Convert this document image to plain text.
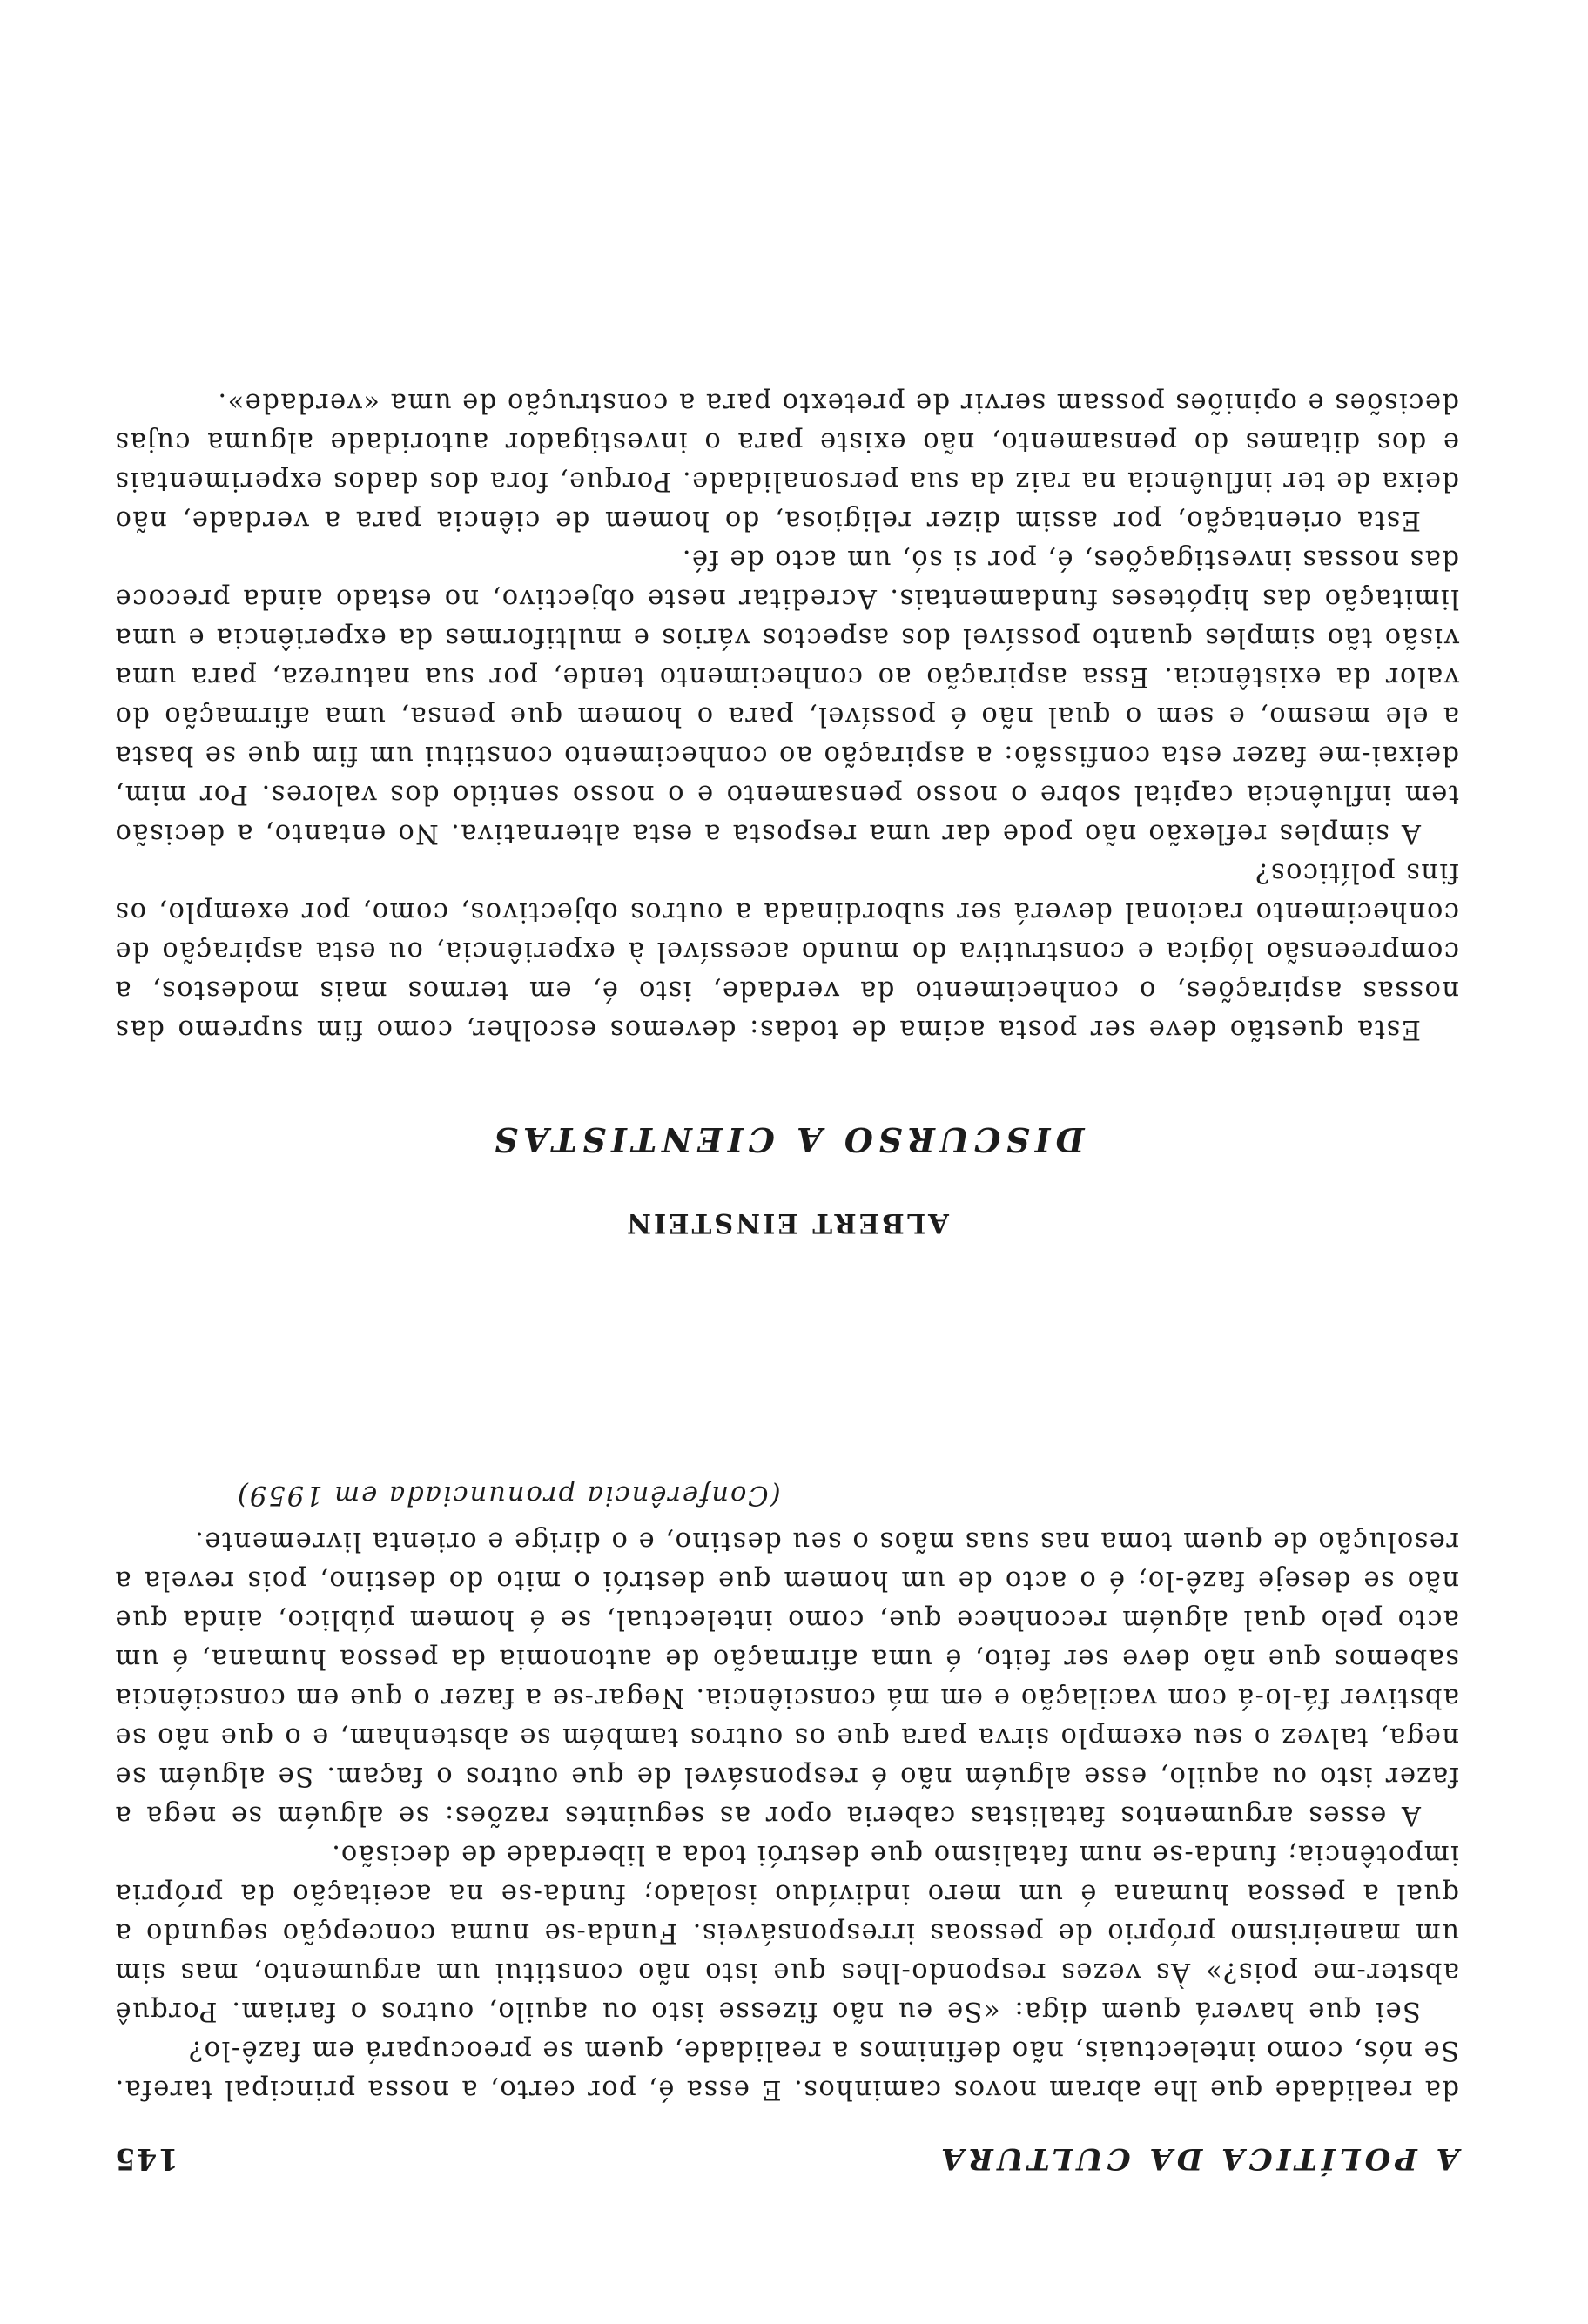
A POLÍTICA DA CULTURA
145

da realidade que lhe abram novos caminhos. E essa é, por certo, a nossa principal tarefa. Se nós, como intelectuais, não definimos a realidade, quem se preocupará em fazê-lo?

Sei que haverá quem diga: «Se eu não fizesse isto ou aquilo, outros o fariam. Porquê abster-me pois?» Às vezes respondo-lhes que isto não constitui um argumento, mas sim um maneirismo próprio de pessoas irresponsáveis. Funda-se numa concepção segundo a qual a pessoa humana é um mero indivíduo isolado; funda-se na aceitação da própria impotência; funda-se num fatalismo que destrói toda a liberdade de decisão.

A esses argumentos fatalistas caberia opor as seguintes razões: se alguém se nega a fazer isto ou aquilo, esse alguém não é responsável de que outros o façam. Se alguém se nega, talvez o seu exemplo sirva para que os outros também se abstenham, e o que não se abstiver fá-lo-á com vacilação e em má consciência. Negar-se a fazer o que em consciência sabemos que não deve ser feito, é uma afirmação de autonomia da pessoa humana, é um acto pelo qual alguém reconhece que, como intelectual, se é homem público, ainda que não se deseje fazê-lo; é o acto de um homem que destrói o mito do destino, pois revela a resolução de quem toma nas suas mãos o seu destino, e o dirige e orienta livremente.

(Conferência pronunciada em 1959)
ALBERT EINSTEIN
DISCURSO A CIENTISTAS

Esta questão deve ser posta acima de todas: devemos escolher, como fim supremo das nossas aspirações, o conhecimento da verdade, isto é, em termos mais modestos, a compreensão lógica e construtiva do mundo acessível à experiência, ou esta aspiração de conhecimento racional deverá ser subordinada a outros objectivos, como, por exemplo, os fins políticos?

A simples reflexão não pode dar uma resposta a esta alternativa. No entanto, a decisão tem influência capital sobre o nosso pensamento e o nosso sentido dos valores. Por mim, deixai-me fazer esta confissão: a aspiração ao conhecimento constitui um fim que se basta a ele mesmo, e sem o qual não é possível, para o homem que pensa, uma afirmação do valor da existência. Essa aspiração ao conhecimento tende, por sua natureza, para uma visão tão simples quanto possível dos aspectos vários e multiformes da experiência e uma limitação das hipóteses fundamentais. Acreditar neste objectivo, no estado ainda precoce das nossas investigações, é, por si só, um acto de fé.

Esta orientação, por assim dizer religiosa, do homem de ciência para a verdade, não deixa de ter influência na raiz da sua personalidade. Porque, fora dos dados experimentais e dos ditames do pensamento, não existe para o investigador autoridade alguma cujas decisões e opiniões possam servir de pretexto para a construção de uma «verdade».
